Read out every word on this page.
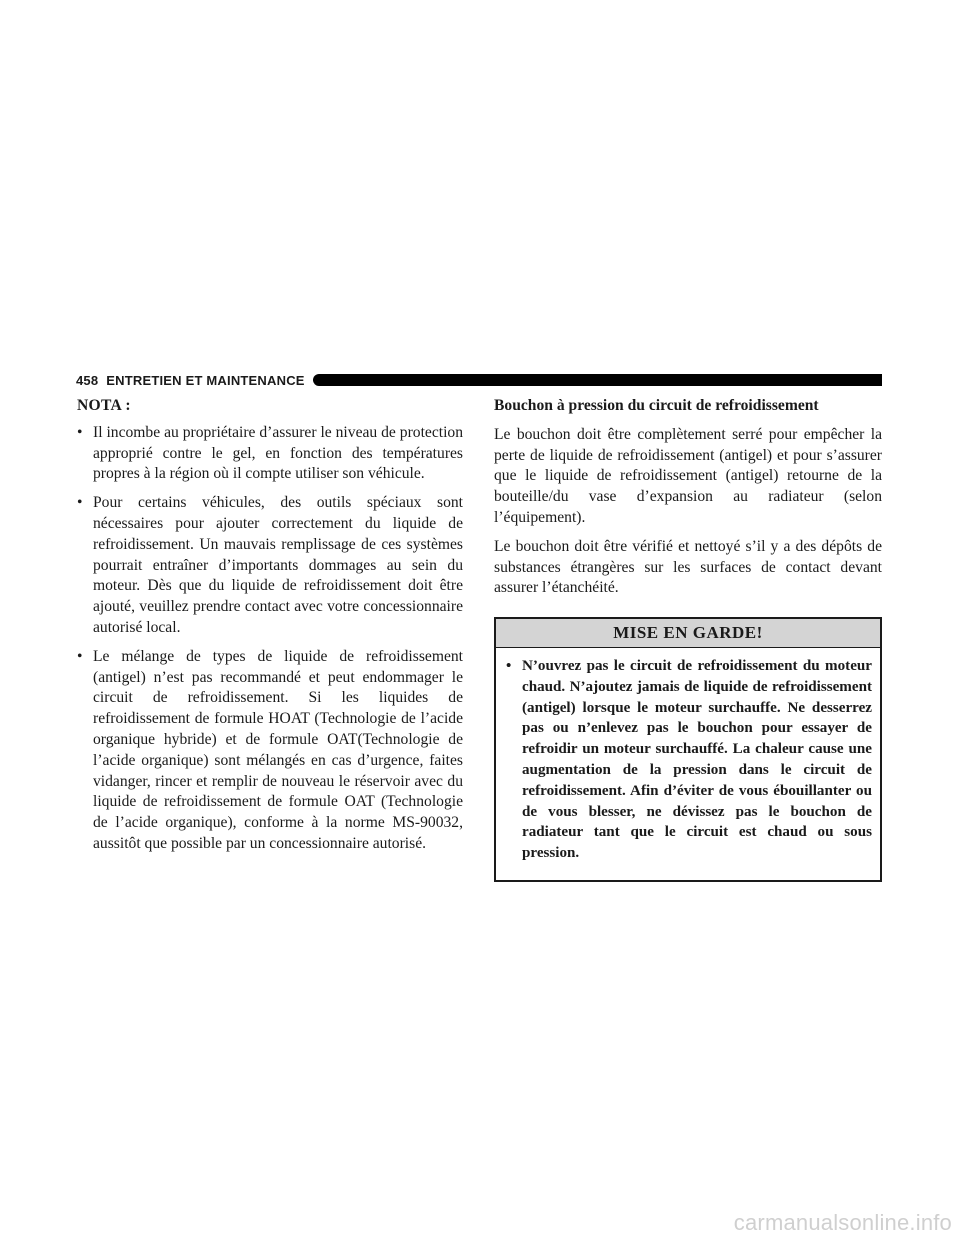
458 ENTRETIEN ET MAINTENANCE

NOTA :

• Il incombe au propriétaire d’assurer le niveau de protection approprié contre le gel, en fonction des températures propres à la région où il compte utiliser son véhicule.
• Pour certains véhicules, des outils spéciaux sont nécessaires pour ajouter correctement du liquide de refroidissement. Un mauvais remplissage de ces systèmes pourrait entraîner d’importants dommages au sein du moteur. Dès que du liquide de refroidissement doit être ajouté, veuillez prendre contact avec votre concessionnaire autorisé local.
• Le mélange de types de liquide de refroidissement (antigel) n’est pas recommandé et peut endommager le circuit de refroidissement. Si les liquides de refroidissement de formule HOAT (Technologie de l’acide organique hybride) et de formule OAT(Technologie de l’acide organique) sont mélangés en cas d’urgence, faites vidanger, rincer et remplir de nouveau le réservoir avec du liquide de refroidissement de formule OAT (Technologie de l’acide organique), conforme à la norme MS-90032, aussitôt que possible par un concessionnaire autorisé.

Bouchon à pression du circuit de refroidissement

Le bouchon doit être complètement serré pour empêcher la perte de liquide de refroidissement (antigel) et pour s’assurer que le liquide de refroidissement (antigel) retourne de la bouteille/du vase d’expansion au radiateur (selon l’équipement).

Le bouchon doit être vérifié et nettoyé s’il y a des dépôts de substances étrangères sur les surfaces de contact devant assurer l’étanchéité.

MISE EN GARDE!
• N’ouvrez pas le circuit de refroidissement du moteur chaud. N’ajoutez jamais de liquide de refroidissement (antigel) lorsque le moteur surchauffe. Ne desserrez pas ou n’enlevez pas le bouchon pour essayer de refroidir un moteur surchauffé. La chaleur cause une augmentation de la pression dans le circuit de refroidissement. Afin d’éviter de vous ébouillanter ou de vous blesser, ne dévissez pas le bouchon de radiateur tant que le circuit est chaud ou sous pression.
carmanualsonline.info
